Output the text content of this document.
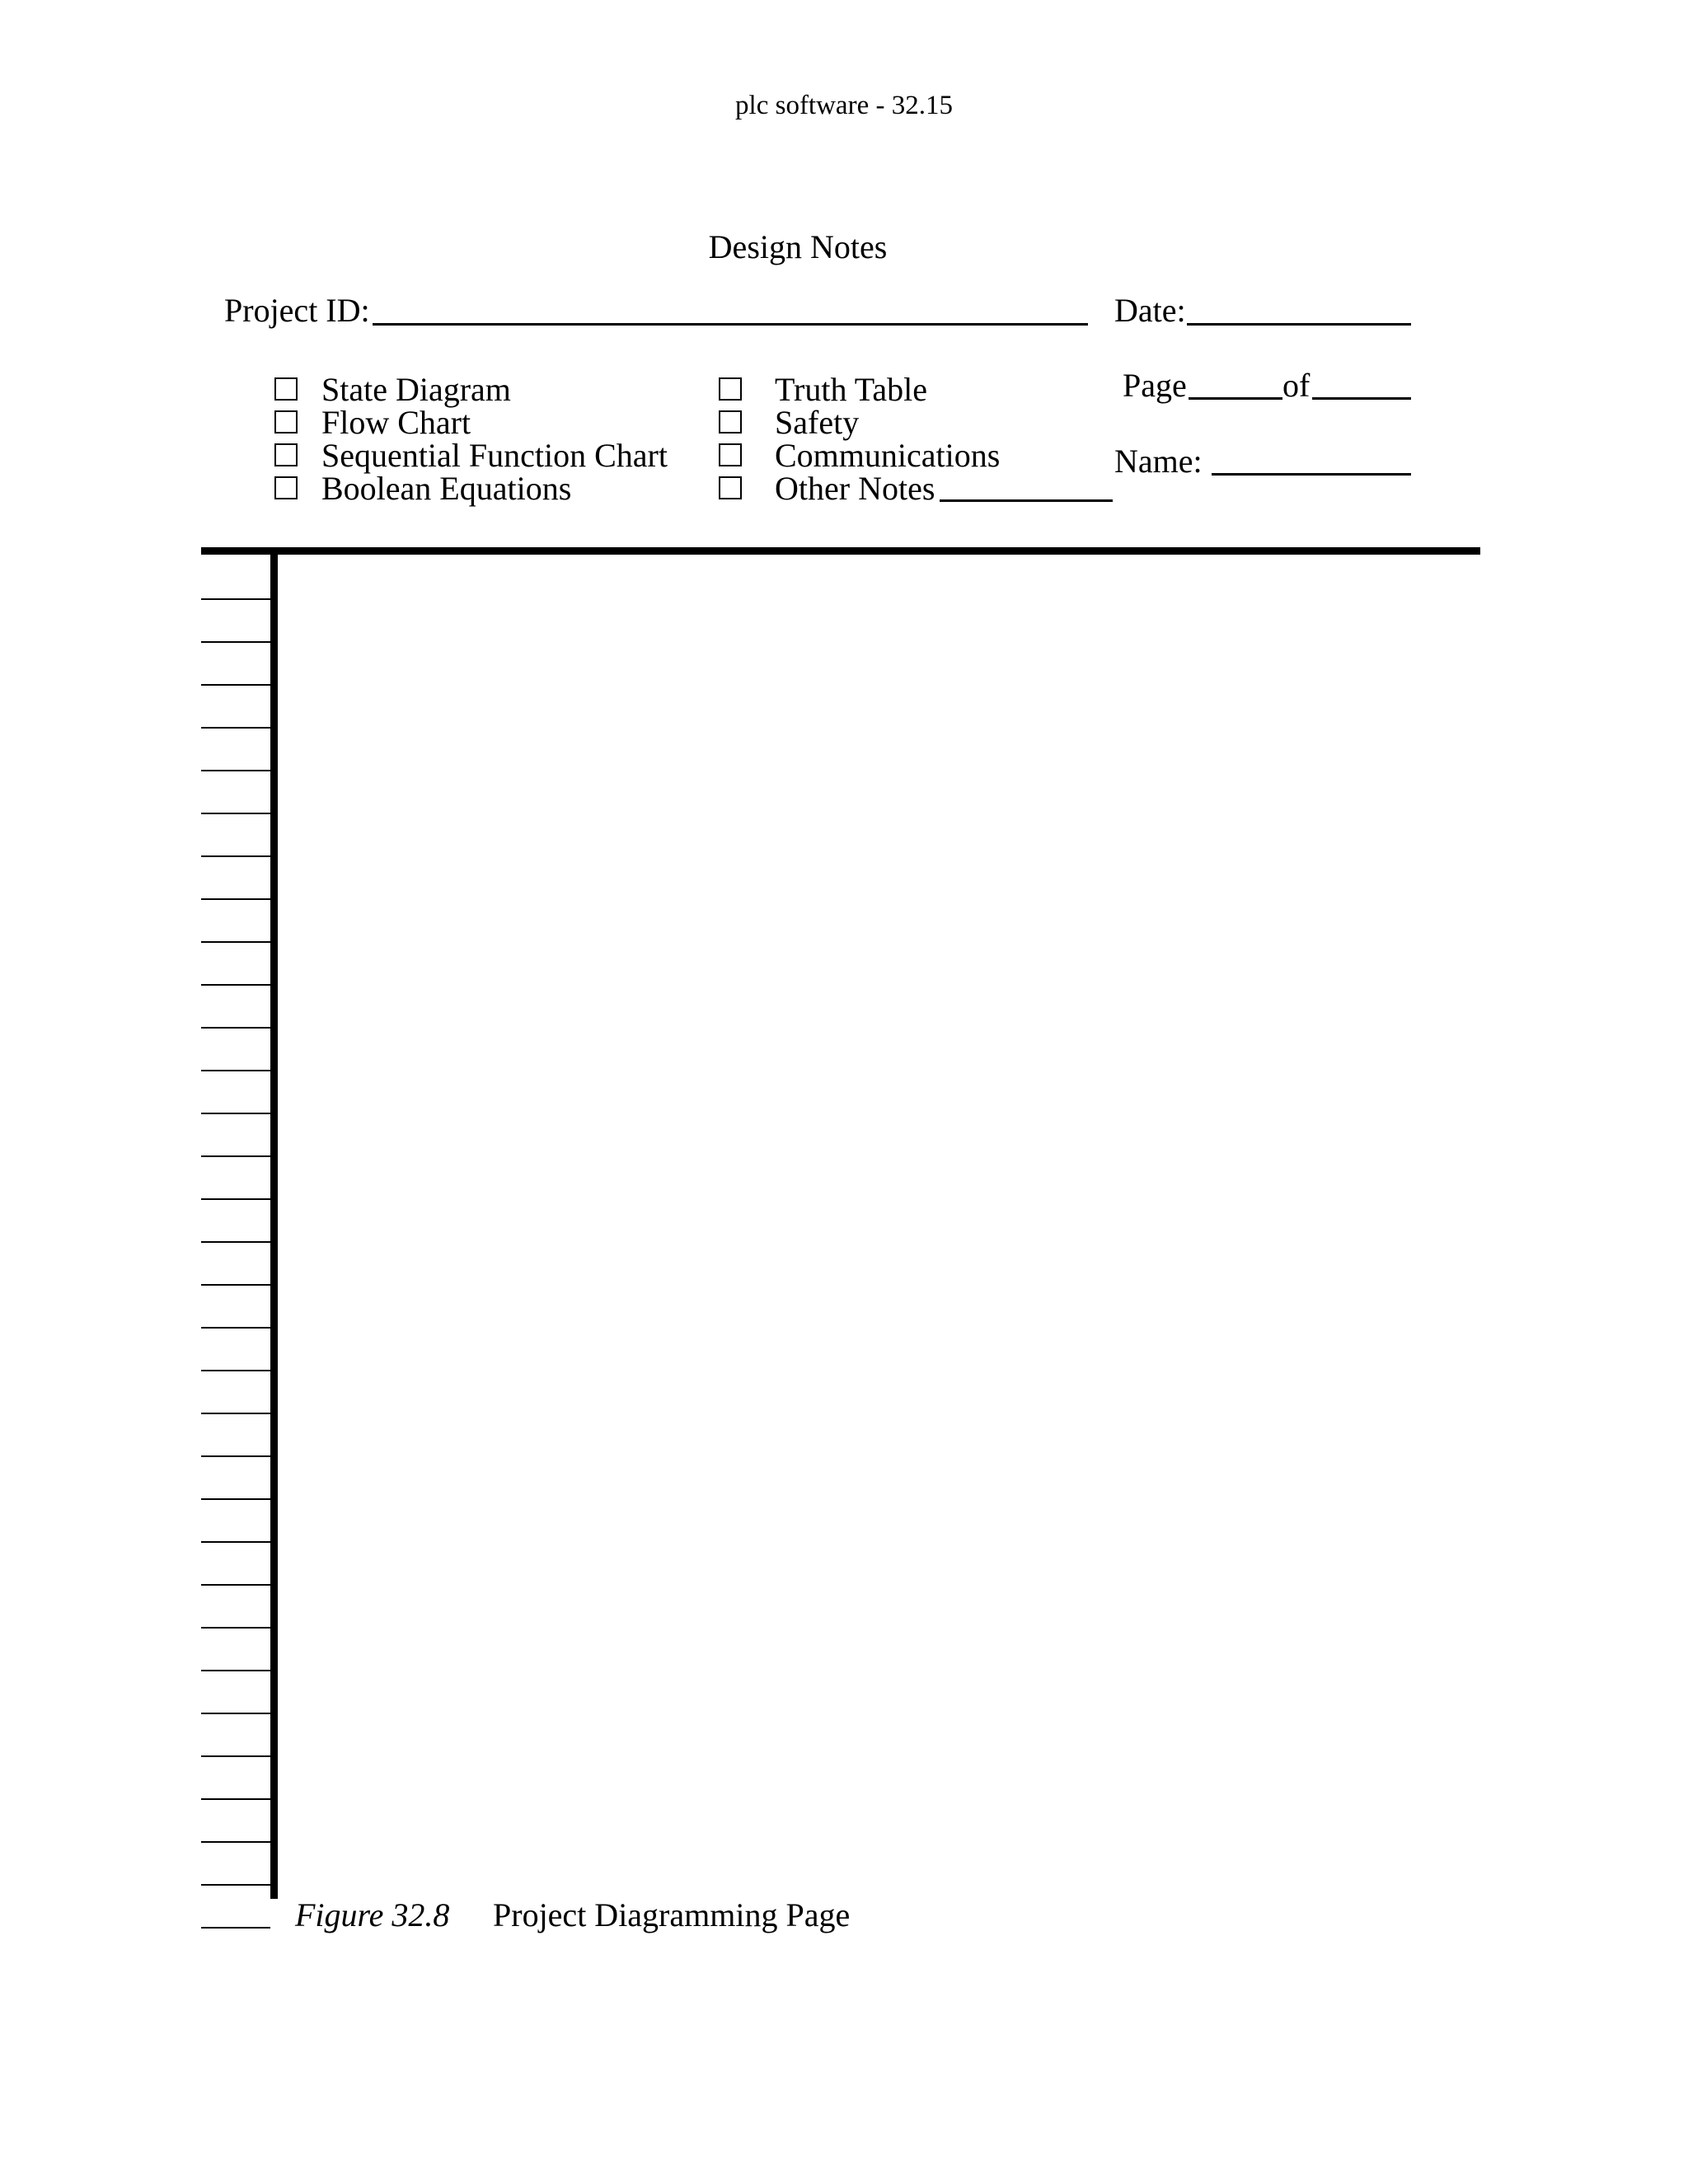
plc software - 32.15
Design Notes
Project ID:	Date:
Page	of
Name:
State Diagram
Flow Chart
Sequential Function Chart
Boolean Equations
Truth Table
Safety
Communications
Other Notes
Figure 32.8 Project Diagramming Page
